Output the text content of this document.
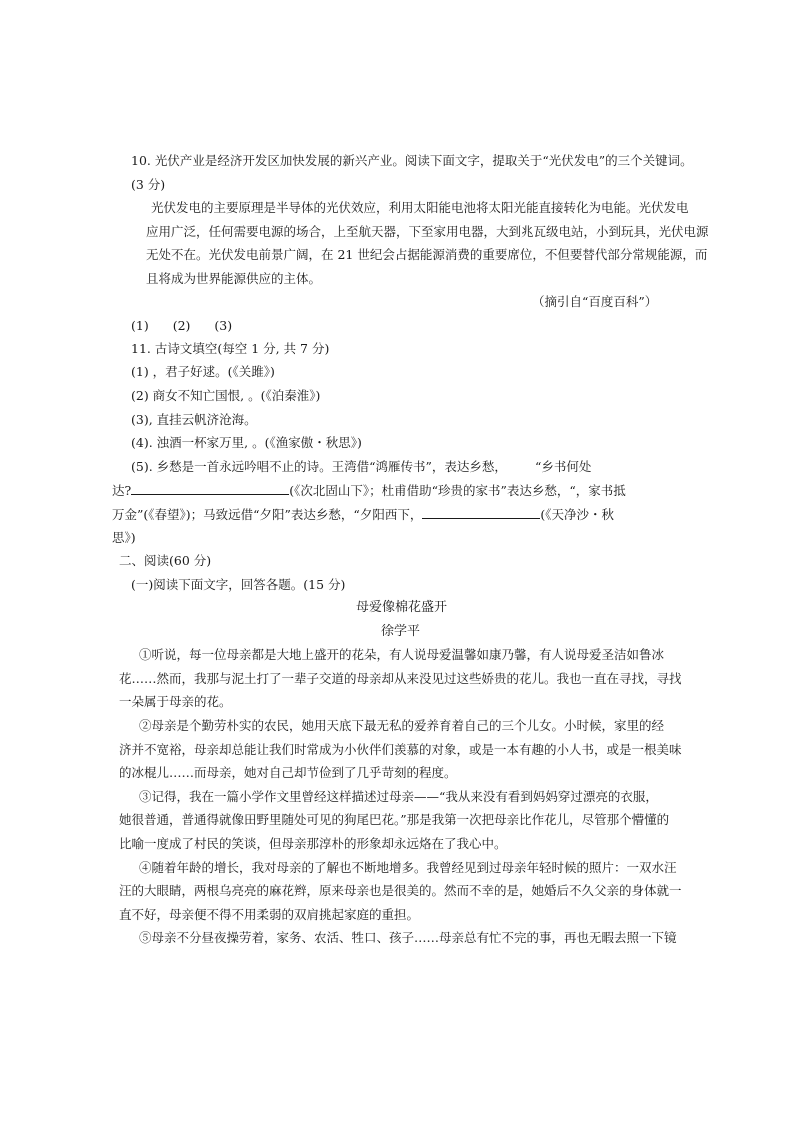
10. 光伏产业是经济开发区加快发展的新兴产业。阅读下面文字，提取关于“光伏发电”的三个关键词。
(3 分)
光伏发电的主要原理是半导体的光伏效应，利用太阳能电池将太阳光能直接转化为电能。光伏发电
应用广泛，任何需要电源的场合，上至航天器，下至家用电器，大到兆瓦级电站，小到玩具，光伏电源
无处不在。光伏发电前景广阔，在 21 世纪会占据能源消费的重要席位，不但要替代部分常规能源，而
且将成为世界能源供应的主体。
（摘引自“百度百科”）
(1) (2) (3)
11. 古诗文填空(每空 1 分, 共 7 分)
(1) ，君子好逑。(《关雎》)
(2) 商女不知亡国恨, 。(《泊秦淮》)
(3), 直挂云帆济沧海。
(4). 浊酒一杯家万里, 。(《渔家傲・秋思》)
(5). 乡愁是一首永远吟唱不止的诗。王湾借“鸿雁传书”，表达乡愁， “乡书何处
达?	(《次北固山下》；杜甫借助“珍贵的家书”表达乡愁，“，家书抵
万金”(《春望》)；马致远借“夕阳”表达乡愁，“夕阳西下，	(《天净沙・秋
思》)
二、阅读(60 分)
(一)阅读下面文字，回答各题。(15 分)
母爱像棉花盛开
徐学平
①听说，每一位母亲都是大地上盛开的花朵，有人说母爱温馨如康乃馨，有人说母爱圣洁如鲁冰
花……然而，我那与泥土打了一辈子交道的母亲却从来没见过这些娇贵的花儿。我也一直在寻找，寻找
一朵属于母亲的花。
②母亲是个勤劳朴实的农民，她用天底下最无私的爱养育着自己的三个儿女。小时候，家里的经
济并不宽裕，母亲却总能让我们时常成为小伙伴们羡慕的对象，或是一本有趣的小人书，或是一根美味
的冰棍儿……而母亲，她对自己却节俭到了几乎苛刻的程度。
③记得，我在一篇小学作文里曾经这样描述过母亲——“我从来没有看到妈妈穿过漂亮的衣服，
她很普通，普通得就像田野里随处可见的狗尾巴花。”那是我第一次把母亲比作花儿，尽管那个懵懂的
比喻一度成了村民的笑谈，但母亲那淳朴的形象却永远烙在了我心中。
④随着年龄的增长，我对母亲的了解也不断地增多。我曾经见到过母亲年轻时候的照片：一双水汪
汪的大眼睛，两根乌亮亮的麻花辫，原来母亲也是很美的。然而不幸的是，她婚后不久父亲的身体就一
直不好，母亲便不得不用柔弱的双肩挑起家庭的重担。
⑤母亲不分昼夜操劳着，家务、农活、牲口、孩子……母亲总有忙不完的事，再也无暇去照一下镜
